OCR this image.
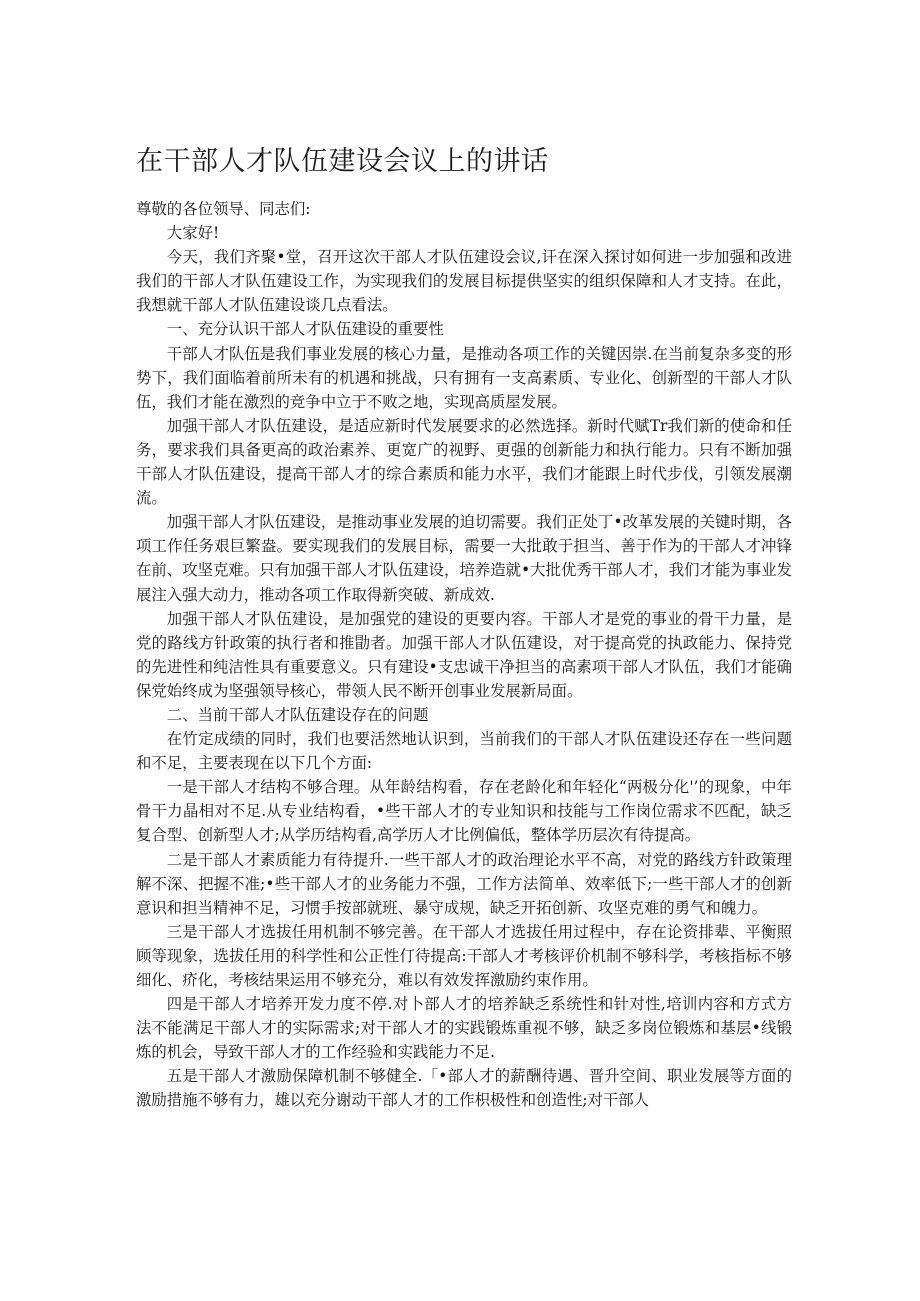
在干部人才队伍建设会议上的讲话

尊敬的各位领导、同志们:

大家好!

今天，我们齐聚•堂，召开这次干部人才队伍建设会议,讦在深入探讨如何进一步加强和改进我们的干部人才队伍建设工作，为实现我们的发展目标提供坚实的组织保障和人才支持。在此，我想就干部人才队伍建设谈几点看法。

一、充分认识干部人才队伍建设的重要性

干部人才队伍是我们事业发展的核心力量，是推动各项工作的关键因崇.在当前复杂多变的形势下，我们面临着前所未有的机遇和挑战，只有拥有一支高素质、专业化、创新型的干部人才队伍，我们才能在激烈的竞争中立于不败之地，实现高质屋发展。

加强干部人才队伍建设，是适应新时代发展要求的必然选择。新时代赋Tr我们新的使命和任务，要求我们具备更高的政治素养、更宽广的视野、更强的创新能力和执行能力。只有不断加强干部人才队伍建设，提高干部人才的综合素质和能力水平，我们才能跟上时代步伐，引领发展潮流。

加强干部人才队伍建设，是推动事业发展的迫切需要。我们正处丁•改革发展的关键时期，各项工作任务艰巨繁盎。要实现我们的发展目标，需要一大批敢于担当、善于作为的干部人才冲锋在前、攻坚克难。只有加强干部人才队伍建设，培养造就•大批优秀干部人才，我们才能为事业发展注入强大动力，推动各项工作取得新突破、新成效.

加强干部人才队伍建设，是加强党的建设的更要内容。干部人才是党的事业的骨干力量，是党的路线方针政策的执行者和推勖者。加强干部人才队伍建设，对于提高党的执政能力、保持党的先进性和纯洁性具有重要意义。只有建设•支忠诚干净担当的高素项干部人才队伍，我们才能确保党始终成为坚强领导核心，带领人民不断开创事业发展新局面。

二、当前干部人才队伍建设存在的问题

在竹定成绩的同时，我们也要活然地认识到，当前我们的干部人才队伍建设还存在一些问题和不足，主要表现在以下几个方面:

一是干部人才结构不够合理。从年龄结构看，存在老龄化和年轻化“两极分化'’的现象，中年骨干力晶相对不足.从专业结构看，•些干部人才的专业知识和技能与工作岗位需求不匹配，缺乏复合型、创新型人才;从学历结构看,高学历人才比例偏低，整体学历层次有待提高。

二是干部人才素质能力有待提升.一些干部人才的政治理论水平不高，对党的路线方针政策理解不深、把握不准;•些干部人才的业务能力不强，工作方法简单、效率低下;一些干部人才的创新意识和担当精神不足，习惯手按部就班、暴守成规，缺乏开拓创新、攻坚克难的勇气和魄力。

三是干部人才选拔任用机制不够完善。在干部人才选拔任用过程中，存在论资排辈、平衡照顾等现象，选拔任用的科学性和公正性仃待提高:干部人才考核评价机制不够科学，考核指标不够细化、疥化，考核结果运用不够充分，难以有效发挥激励约束作用。

四是干部人才培养开发力度不停.对卜部人才的培养缺乏系统性和针对性,培训内容和方式方法不能满足干部人才的实际需求;对干部人才的实践锻炼重视不够，缺乏多岗位锻炼和基层•线锻炼的机会，导致干部人才的工作经验和实践能力不足.

五是干部人才激励保障机制不够健全.「•部人才的薪酬待遇、晋升空间、职业发展等方面的激励措施不够有力，雄以充分谢动干部人才的工作枳极性和创造性;对干部人
